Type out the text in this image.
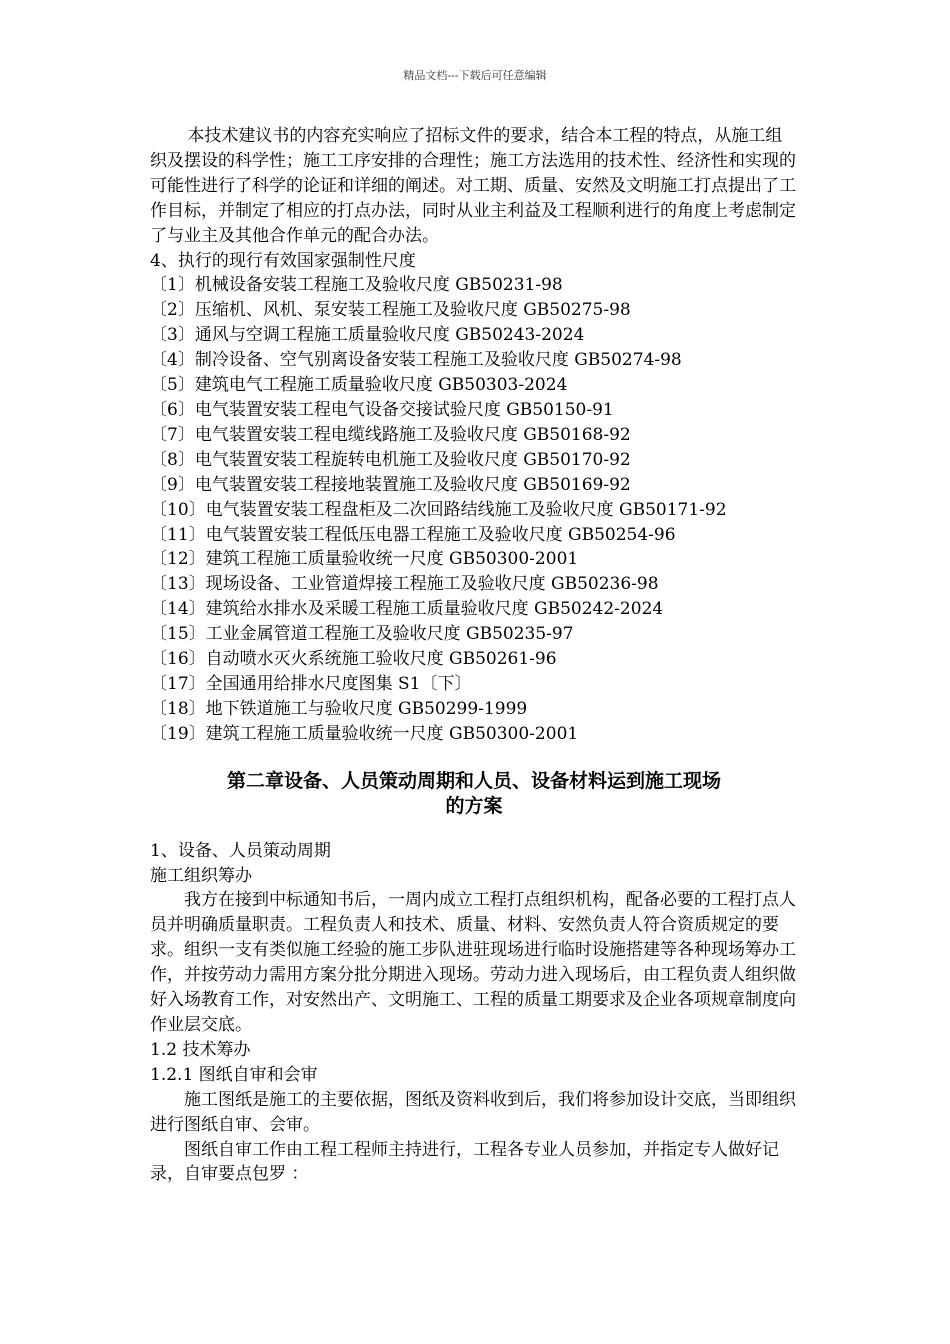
精品文档---下载后可任意编辑

本技术建议书的内容充实响应了招标文件的要求，结合本工程的特点，从施工组织及摆设的科学性；施工工序安排的合理性；施工方法选用的技术性、经济性和实现的可能性进行了科学的论证和详细的阐述。对工期、质量、安然及文明施工打点提出了工作目标，并制定了相应的打点办法，同时从业主利益及工程顺利进行的角度上考虑制定了与业主及其他合作单元的配合办法。

4、执行的现行有效国家强制性尺度

〔1〕机械设备安装工程施工及验收尺度 GB50231-98

〔2〕压缩机、风机、泵安装工程施工及验收尺度 GB50275-98

〔3〕通风与空调工程施工质量验收尺度 GB50243-2024

〔4〕制冷设备、空气别离设备安装工程施工及验收尺度 GB50274-98

〔5〕建筑电气工程施工质量验收尺度 GB50303-2024

〔6〕电气装置安装工程电气设备交接试验尺度 GB50150-91

〔7〕电气装置安装工程电缆线路施工及验收尺度 GB50168-92

〔8〕电气装置安装工程旋转电机施工及验收尺度 GB50170-92

〔9〕电气装置安装工程接地装置施工及验收尺度 GB50169-92

〔10〕电气装置安装工程盘柜及二次回路结线施工及验收尺度 GB50171-92

〔11〕电气装置安装工程低压电器工程施工及验收尺度 GB50254-96

〔12〕建筑工程施工质量验收统一尺度 GB50300-2001

〔13〕现场设备、工业管道焊接工程施工及验收尺度 GB50236-98

〔14〕建筑给水排水及采暖工程施工质量验收尺度 GB50242-2024

〔15〕工业金属管道工程施工及验收尺度 GB50235-97

〔16〕自动喷水灭火系统施工验收尺度 GB50261-96

〔17〕全国通用给排水尺度图集 S1〔下〕

〔18〕地下铁道施工与验收尺度 GB50299-1999

〔19〕建筑工程施工质量验收统一尺度 GB50300-2001

第二章设备、人员策动周期和人员、设备材料运到施工现场
的方案

1、设备、人员策动周期

施工组织筹办

我方在接到中标通知书后，一周内成立工程打点组织机构，配备必要的工程打点人员并明确质量职责。工程负责人和技术、质量、材料、安然负责人符合资质规定的要求。组织一支有类似施工经验的施工步队进驻现场进行临时设施搭建等各种现场筹办工作，并按劳动力需用方案分批分期进入现场。劳动力进入现场后，由工程负责人组织做好入场教育工作，对安然出产、文明施工、工程的质量工期要求及企业各项规章制度向作业层交底。

1.2 技术筹办

1.2.1 图纸自审和会审

施工图纸是施工的主要依据，图纸及资料收到后，我们将参加设计交底，当即组织进行图纸自审、会审。

图纸自审工作由工程工程师主持进行，工程各专业人员参加，并指定专人做好记录，自审要点包罗 ：
